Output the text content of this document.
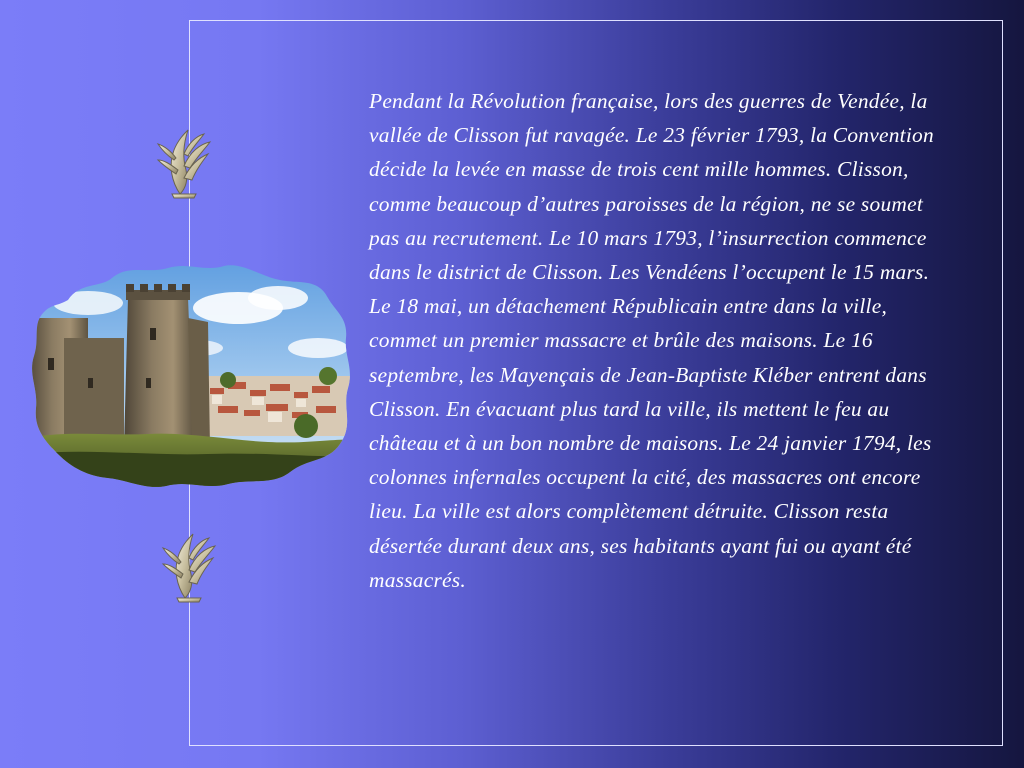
Pendant la Révolution française, lors des guerres de Vendée, la vallée de Clisson fut ravagée. Le 23 février 1793, la Convention décide la levée en masse de trois cent mille hommes. Clisson, comme beaucoup d’autres paroisses de la région, ne se soumet pas au recrutement. Le 10 mars 1793, l’insurrection commence dans le district de Clisson. Les Vendéens l’occupent le 15 mars. Le 18 mai, un détachement Républicain entre dans la ville, commet un premier massacre et brûle des maisons. Le 16 septembre, les Mayençais de Jean-Baptiste Kléber entrent dans Clisson. En évacuant plus tard la ville, ils mettent le feu au château et à un bon nombre de maisons. Le 24 janvier 1794, les colonnes infernales occupent la cité, des massacres ont encore lieu. La ville est alors complètement détruite. Clisson resta désertée durant deux ans, ses habitants ayant fui ou ayant été massacrés.
